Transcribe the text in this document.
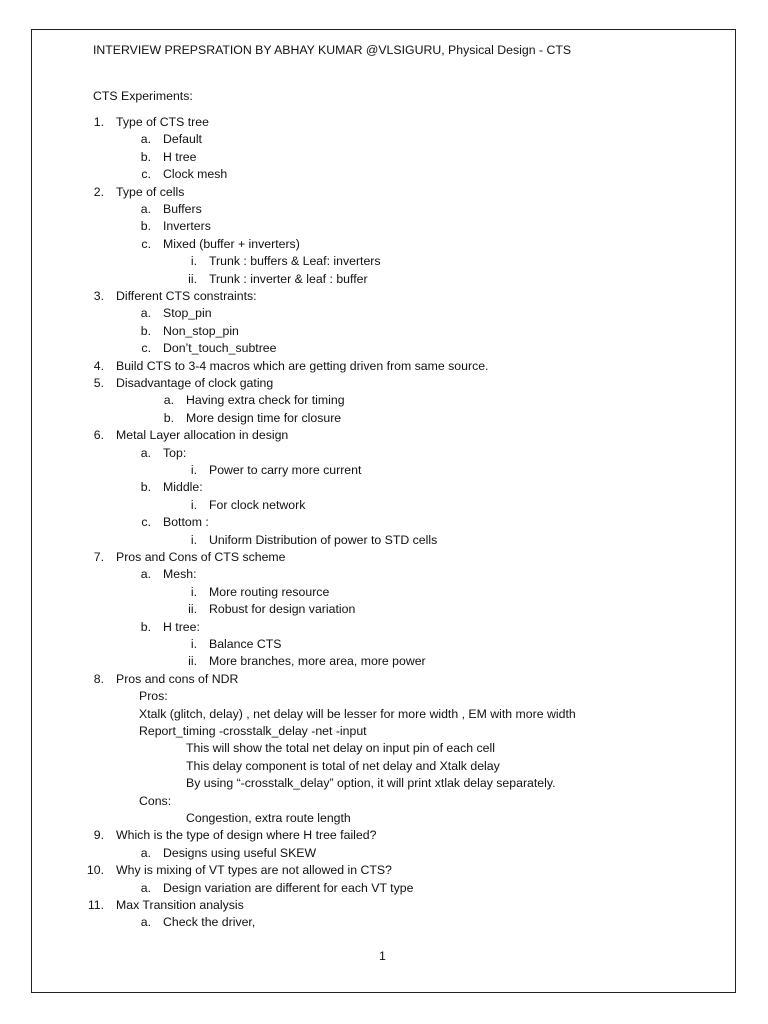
INTERVIEW PREPSRATION BY ABHAY KUMAR @VLSIGURU, Physical Design - CTS
CTS Experiments:
1. Type of CTS tree
a. Default
b. H tree
c. Clock mesh
2. Type of cells
a. Buffers
b. Inverters
c. Mixed (buffer + inverters)
i. Trunk : buffers & Leaf: inverters
ii. Trunk : inverter & leaf : buffer
3. Different CTS constraints:
a. Stop_pin
b. Non_stop_pin
c. Don’t_touch_subtree
4. Build CTS to 3-4 macros which are getting driven from same source.
5. Disadvantage of clock gating
a. Having extra check for timing
b. More design time for closure
6. Metal Layer allocation in design
a. Top:
i. Power to carry more current
b. Middle:
i. For clock network
c. Bottom :
i. Uniform Distribution of power to STD cells
7. Pros and Cons of CTS scheme
a. Mesh:
i. More routing resource
ii. Robust for design variation
b. H tree:
i. Balance CTS
ii. More branches, more area, more power
8. Pros and cons of NDR
Pros:
Xtalk (glitch, delay) , net delay will be lesser for more width , EM with more width
Report_timing -crosstalk_delay -net -input
This will show the total net delay on input pin of each cell
This delay component is total of net delay and Xtalk delay
By using “-crosstalk_delay” option, it will print xtlak delay separately.
Cons:
Congestion, extra route length
9. Which is the type of design where H tree failed?
a. Designs using useful SKEW
10. Why is mixing of VT types are not allowed in CTS?
a. Design variation are different for each VT type
11. Max Transition analysis
a. Check the driver,
1
